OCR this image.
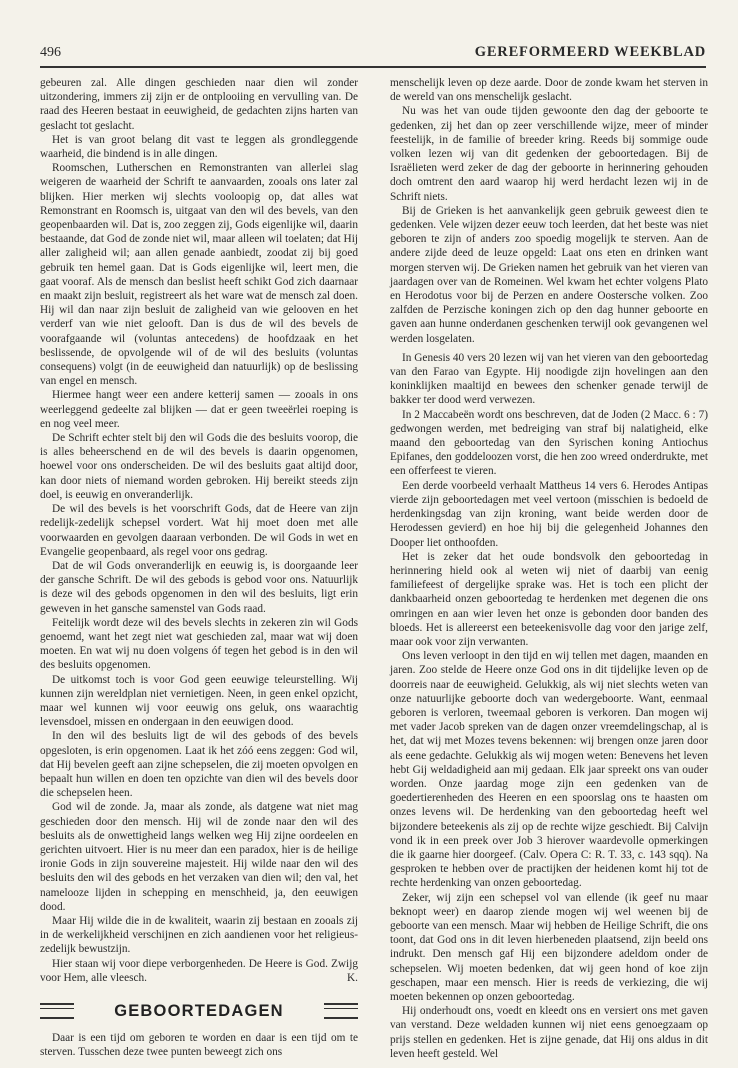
496	GEREFORMEERD WEEKBLAD

gebeuren zal. Alle dingen geschieden naar dien wil zonder uitzondering, immers zij zijn er de ontplooiing en vervulling van. De raad des Heeren bestaat in eeuwigheid, de gedachten zijns harten van geslacht tot geslacht.

Het is van groot belang dit vast te leggen als grondleggende waarheid, die bindend is in alle dingen.

Roomschen, Lutherschen en Remonstranten van allerlei slag weigeren de waarheid der Schrift te aanvaarden, zooals ons later zal blijken. Hier merken wij slechts vooloopig op, dat alles wat Remonstrant en Roomsch is, uitgaat van den wil des bevels, van den geopenbaarden wil. Dat is, zoo zeggen zij, Gods eigenlijke wil, daarin bestaande, dat God de zonde niet wil, maar alleen wil toelaten; dat Hij aller zaligheid wil; aan allen genade aanbiedt, zoodat zij bij goed gebruik ten hemel gaan. Dat is Gods eigenlijke wil, leert men, die gaat vooraf. Als de mensch dan beslist heeft schikt God zich daarnaar en maakt zijn besluit, registreert als het ware wat de mensch zal doen. Hij wil dan naar zijn besluit de zaligheid van wie gelooven en het verderf van wie niet gelooft. Dan is dus de wil des bevels de voorafgaande wil (voluntas antecedens) de hoofdzaak en het beslissende, de opvolgende wil of de wil des besluits (voluntas consequens) volgt (in de eeuwigheid dan natuurlijk) op de beslissing van engel en mensch.

Hiermee hangt weer een andere ketterij samen — zooals in ons weerleggend gedeelte zal blijken — dat er geen tweeërlei roeping is en nog veel meer.

De Schrift echter stelt bij den wil Gods die des besluits voorop, die is alles beheerschend en de wil des bevels is daarin opgenomen, hoewel voor ons onderscheiden. De wil des besluits gaat altijd door, kan door niets of niemand worden gebroken. Hij bereikt steeds zijn doel, is eeuwig en onveranderlijk.

De wil des bevels is het voorschrift Gods, dat de Heere van zijn redelijk-zedelijk schepsel vordert. Wat hij moet doen met alle voorwaarden en gevolgen daaraan verbonden. De wil Gods in wet en Evangelie geopenbaard, als regel voor ons gedrag.

Dat de wil Gods onveranderlijk en eeuwig is, is doorgaande leer der gansche Schrift. De wil des gebods is gebod voor ons. Natuurlijk is deze wil des gebods opgenomen in den wil des besluits, ligt erin geweven in het gansche samenstel van Gods raad.

Feitelijk wordt deze wil des bevels slechts in zekeren zin wil Gods genoemd, want het zegt niet wat geschieden zal, maar wat wij doen moeten. En wat wij nu doen volgens óf tegen het gebod is in den wil des besluits opgenomen.

De uitkomst toch is voor God geen eeuwige teleurstelling. Wij kunnen zijn wereldplan niet vernietigen. Neen, in geen enkel opzicht, maar wel kunnen wij voor eeuwig ons geluk, ons waarachtig levensdoel, missen en ondergaan in den eeuwigen dood.

In den wil des besluits ligt de wil des gebods of des bevels opgesloten, is erin opgenomen. Laat ik het zóó eens zeggen: God wil, dat Hij bevelen geeft aan zijne schepselen, die zij moeten opvolgen en bepaalt hun willen en doen ten opzichte van dien wil des bevels door die schepselen heen.

God wil de zonde. Ja, maar als zonde, als datgene wat niet mag geschieden door den mensch. Hij wil de zonde naar den wil des besluits als de onwettigheid langs welken weg Hij zijne oordeelen en gerichten uitvoert. Hier is nu meer dan een paradox, hier is de heilige ironie Gods in zijn souvereine majesteit. Hij wilde naar den wil des besluits den wil des gebods en het verzaken van dien wil; den val, het namelooze lijden in schepping en menschheid, ja, den eeuwigen dood.

Maar Hij wilde die in de kwaliteit, waarin zij bestaan en zooals zij in de werkelijkheid verschijnen en zich aandienen voor het religieus-zedelijk bewustzijn.

Hier staan wij voor diepe verborgenheden. De Heere is God. Zwijg voor Hem, alle vleesch.	K.

GEBOORTEDAGEN

Daar is een tijd om geboren te worden en daar is een tijd om te sterven. Tusschen deze twee punten beweegt zich ons

menschelijk leven op deze aarde. Door de zonde kwam het sterven in de wereld van ons menschelijk geslacht.

Nu was het van oude tijden gewoonte den dag der geboorte te gedenken, zij het dan op zeer verschillende wijze, meer of minder feestelijk, in de familie of breeder kring. Reeds bij sommige oude volken lezen wij van dit gedenken der geboortedagen. Bij de Israëlieten werd zeker de dag der geboorte in herinnering gehouden doch omtrent den aard waarop hij werd herdacht lezen wij in de Schrift niets.

Bij de Grieken is het aanvankelijk geen gebruik geweest dien te gedenken. Vele wijzen dezer eeuw toch leerden, dat het beste was niet geboren te zijn of anders zoo spoedig mogelijk te sterven. Aan de andere zijde deed de leuze opgeld: Laat ons eten en drinken want morgen sterven wij. De Grieken namen het gebruik van het vieren van jaardagen over van de Romeinen. Wel kwam het echter volgens Plato en Herodotus voor bij de Perzen en andere Oostersche volken. Zoo zalfden de Perzische koningen zich op den dag hunner geboorte en gaven aan hunne onderdanen geschenken terwijl ook gevangenen wel werden losgelaten.

In Genesis 40 vers 20 lezen wij van het vieren van den geboortedag van den Farao van Egypte. Hij noodigde zijn hovelingen aan den koninklijken maaltijd en bewees den schenker genade terwijl de bakker ter dood werd verwezen.

In 2 Maccabeën wordt ons beschreven, dat de Joden (2 Macc. 6 : 7) gedwongen werden, met bedreiging van straf bij nalatigheid, elke maand den geboortedag van den Syrischen koning Antiochus Epifanes, den goddeloozen vorst, die hen zoo wreed onderdrukte, met een offerfeest te vieren.

Een derde voorbeeld verhaalt Mattheus 14 vers 6. Herodes Antipas vierde zijn geboortedagen met veel vertoon (misschien is bedoeld de herdenkingsdag van zijn kroning, want beide werden door de Herodessen gevierd) en hoe hij bij die gelegenheid Johannes den Dooper liet onthoofden.

Het is zeker dat het oude bondsvolk den geboortedag in herinnering hield ook al weten wij niet of daarbij van eenig familiefeest of dergelijke sprake was. Het is toch een plicht der dankbaarheid onzen geboortedag te herdenken met degenen die ons omringen en aan wier leven het onze is gebonden door banden des bloeds. Het is allereerst een beteekenisvolle dag voor den jarige zelf, maar ook voor zijn verwanten.

Ons leven verloopt in den tijd en wij tellen met dagen, maanden en jaren. Zoo stelde de Heere onze God ons in dit tijdelijke leven op de doorreis naar de eeuwigheid. Gelukkig, als wij niet slechts weten van onze natuurlijke geboorte doch van wedergeboorte. Want, eenmaal geboren is verloren, tweemaal geboren is verkoren. Dan mogen wij met vader Jacob spreken van de dagen onzer vreemdelingschap, al is het, dat wij met Mozes tevens bekennen: wij brengen onze jaren door als eene gedachte. Gelukkig als wij mogen weten: Benevens het leven hebt Gij weldadigheid aan mij gedaan. Elk jaar spreekt ons van ouder worden. Onze jaardag moge zijn een gedenken van de goedertierenheden des Heeren en een spoorslag ons te haasten om onzes levens wil. De herdenking van den geboortedag heeft wel bijzondere beteekenis als zij op de rechte wijze geschiedt. Bij Calvijn vond ik in een preek over Job 3 hierover waardevolle opmerkingen die ik gaarne hier doorgeef. (Calv. Opera C: R. T. 33, c. 143 sqq). Na gesproken te hebben over de practijken der heidenen komt hij tot de rechte herdenking van onzen geboortedag.

Zeker, wij zijn een schepsel vol van ellende (ik geef nu maar beknopt weer) en daarop ziende mogen wij wel weenen bij de geboorte van een mensch. Maar wij hebben de Heilige Schrift, die ons toont, dat God ons in dit leven hierbeneden plaatsend, zijn beeld ons indrukt. Den mensch gaf Hij een bijzondere adeldom onder de schepselen. Wij moeten bedenken, dat wij geen hond of koe zijn geschapen, maar een mensch. Hier is reeds de verkiezing, die wij moeten bekennen op onzen geboortedag.

Hij onderhoudt ons, voedt en kleedt ons en versiert ons met gaven van verstand. Deze weldaden kunnen wij niet eens genoegzaam op prijs stellen en gedenken. Het is zijne genade, dat Hij ons aldus in dit leven heeft gesteld. Wel
